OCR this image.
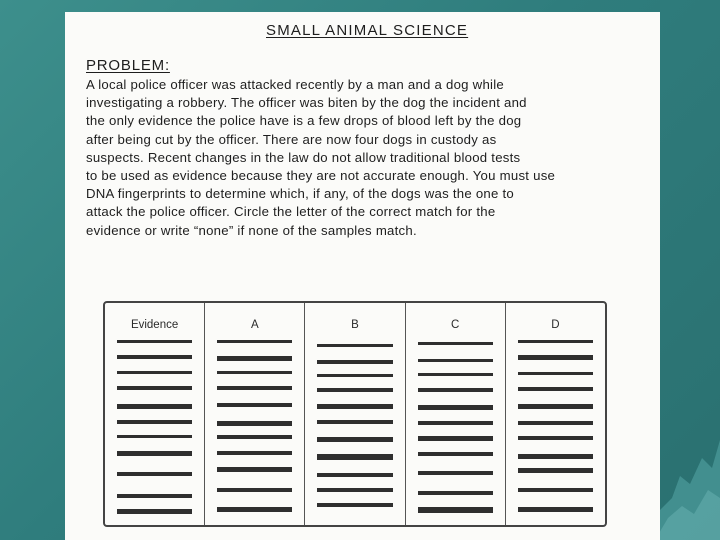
SMALL ANIMAL SCIENCE
PROBLEM:
A local police officer was attacked recently by a man and a dog while
investigating a robbery. The officer was biten by the dog the incident and
the only evidence the police have is a few drops of blood left by the dog
after being cut by the officer. There are now four dogs in custody as
suspects. Recent changes in the law do not allow traditional blood tests
to be used as evidence because they are not accurate enough. You must use
DNA fingerprints to determine which, if any, of the dogs was the one to
attack the police officer. Circle the letter of the correct match for the
evidence or write “none” if none of the samples match.
Evidence	A	B	C	D
